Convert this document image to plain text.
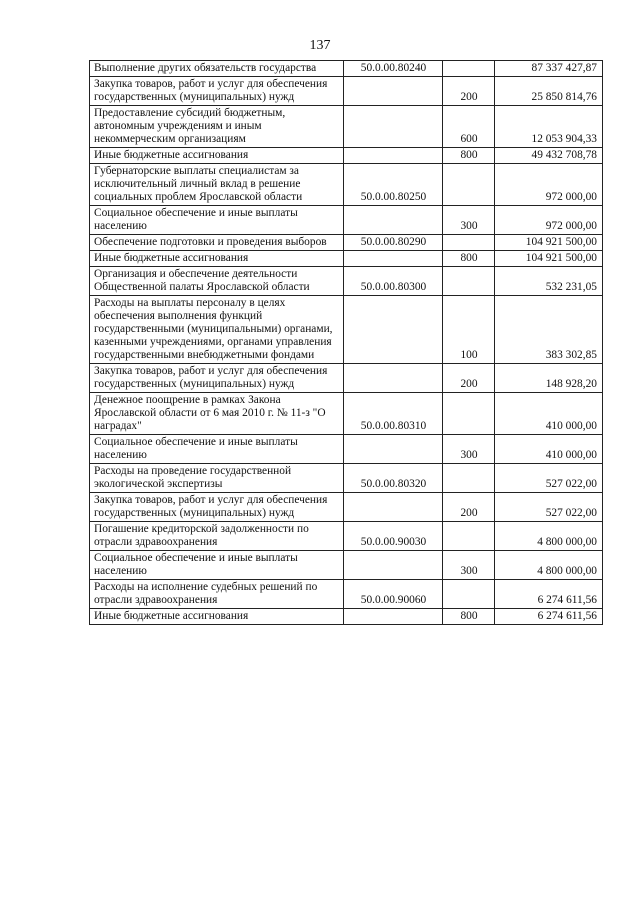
137
Выполнение других обязательств государства	50.0.00.80240		87 337 427,87
Закупка товаров, работ и услуг для обеспечения государственных (муниципальных) нужд		200	25 850 814,76
Предоставление субсидий бюджетным, автономным учреждениям и иным некоммерческим организациям		600	12 053 904,33
Иные бюджетные ассигнования		800	49 432 708,78
Губернаторские выплаты специалистам за исключительный личный вклад в решение социальных проблем Ярославской области	50.0.00.80250		972 000,00
Социальное обеспечение и иные выплаты населению		300	972 000,00
Обеспечение подготовки и проведения выборов	50.0.00.80290		104 921 500,00
Иные бюджетные ассигнования		800	104 921 500,00
Организация и обеспечение деятельности Общественной палаты Ярославской области	50.0.00.80300		532 231,05
Расходы на выплаты персоналу в целях обеспечения выполнения функций государственными (муниципальными) органами, казенными учреждениями, органами управления государственными внебюджетными фондами		100	383 302,85
Закупка товаров, работ и услуг для обеспечения государственных (муниципальных) нужд		200	148 928,20
Денежное поощрение в рамках Закона Ярославской области от 6 мая 2010 г. № 11-з "О наградах"	50.0.00.80310		410 000,00
Социальное обеспечение и иные выплаты населению		300	410 000,00
Расходы на проведение государственной экологической экспертизы	50.0.00.80320		527 022,00
Закупка товаров, работ и услуг для обеспечения государственных (муниципальных) нужд		200	527 022,00
Погашение кредиторской задолженности по отрасли здравоохранения	50.0.00.90030		4 800 000,00
Социальное обеспечение и иные выплаты населению		300	4 800 000,00
Расходы на исполнение судебных решений по отрасли здравоохранения	50.0.00.90060		6 274 611,56
Иные бюджетные ассигнования		800	6 274 611,56
